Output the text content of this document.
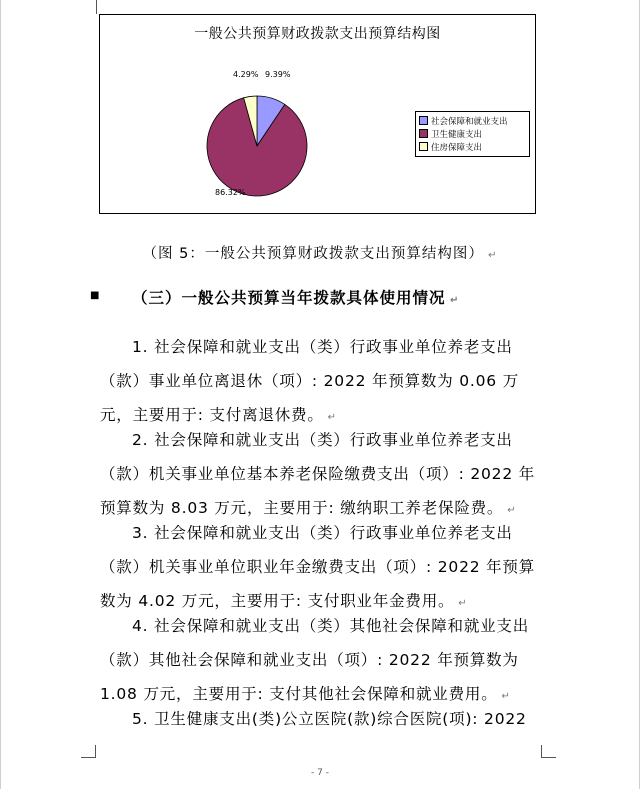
一般公共预算财政拨款支出预算结构图
9.39%
86.32%
4.29%
社会保障和就业支出
卫生健康支出
住房保障支出
（图 5：一般公共预算财政拨款支出预算结构图） ↵
■ （三）一般公共预算当年拨款具体使用情况 ↵

1. 社会保障和就业支出（类）行政事业单位养老支出（款）事业单位离退休（项）: 2022 年预算数为 0.06 万元，主要用于: 支付离退休费。 ↵

2. 社会保障和就业支出（类）行政事业单位养老支出（款）机关事业单位基本养老保险缴费支出（项）: 2022 年预算数为 8.03 万元，主要用于: 缴纳职工养老保险费。 ↵

3. 社会保障和就业支出（类）行政事业单位养老支出（款）机关事业单位职业年金缴费支出（项）: 2022 年预算数为 4.02 万元，主要用于: 支付职业年金费用。 ↵

4. 社会保障和就业支出（类）其他社会保障和就业支出（款）其他社会保障和就业支出（项）: 2022 年预算数为 1.08 万元，主要用于: 支付其他社会保障和就业费用。 ↵

5. 卫生健康支出(类)公立医院(款)综合医院(项): 2022

- 7 -
